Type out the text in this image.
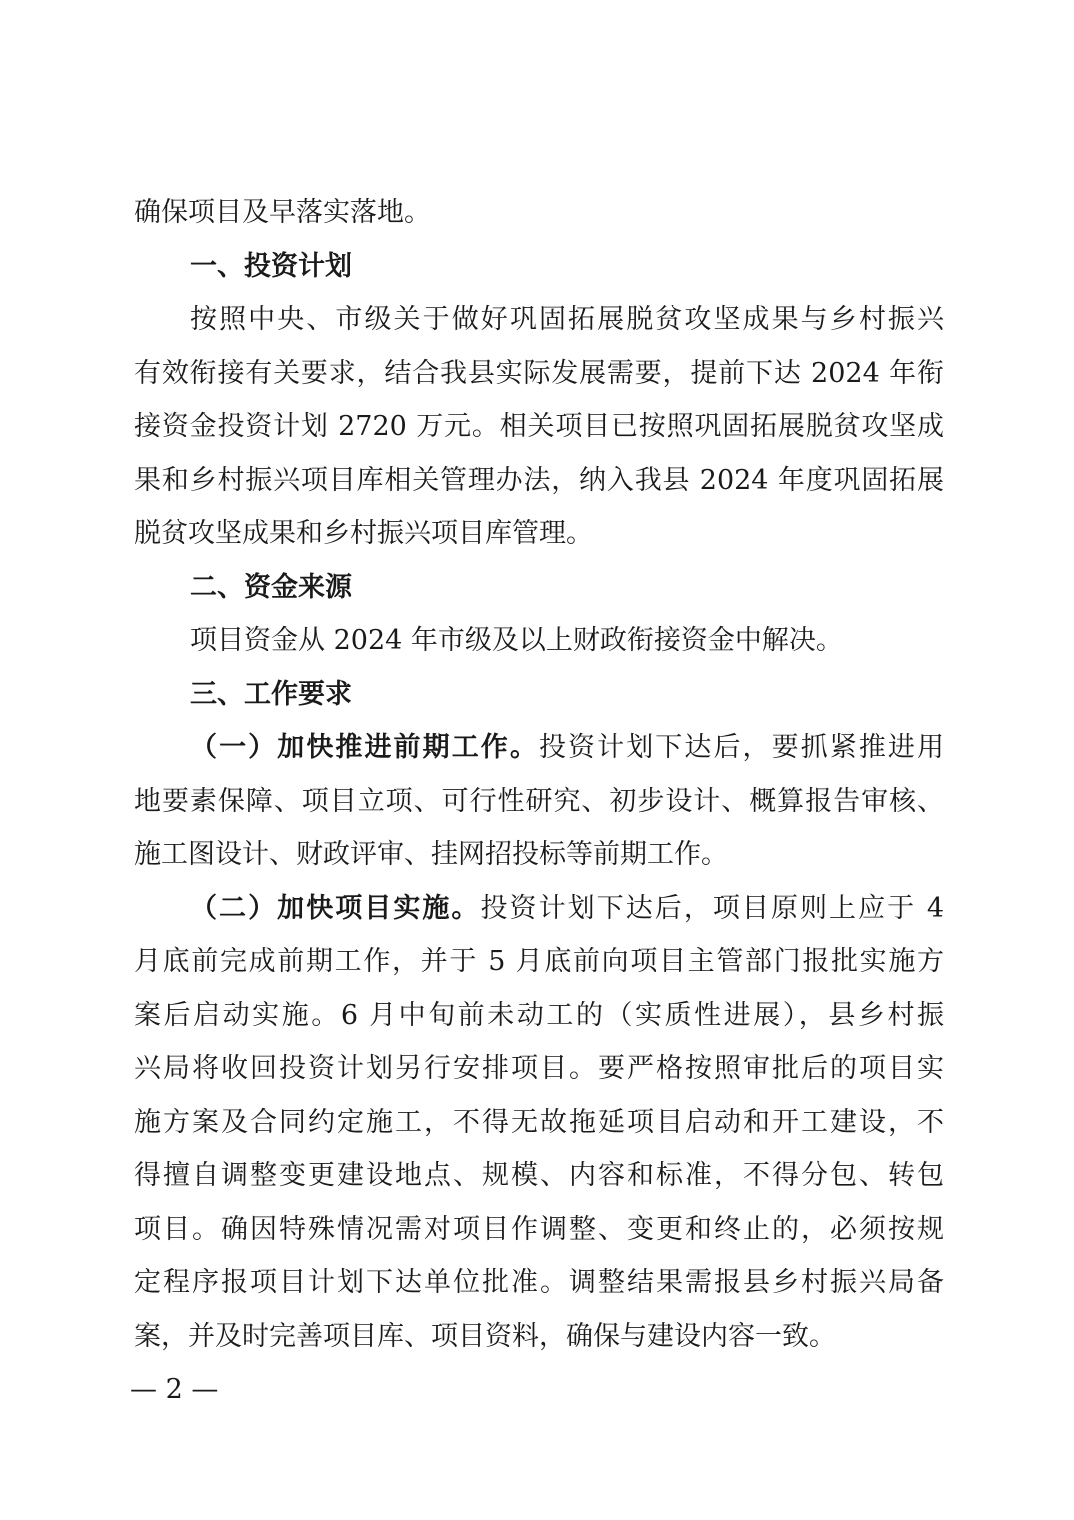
确保项目及早落实落地。
一、投资计划
按照中央、市级关于做好巩固拓展脱贫攻坚成果与乡村振兴
有效衔接有关要求，结合我县实际发展需要，提前下达 2024 年衔
接资金投资计划 2720 万元。相关项目已按照巩固拓展脱贫攻坚成
果和乡村振兴项目库相关管理办法，纳入我县 2024 年度巩固拓展
脱贫攻坚成果和乡村振兴项目库管理。
二、资金来源
项目资金从 2024 年市级及以上财政衔接资金中解决。
三、工作要求
（一）加快推进前期工作。投资计划下达后，要抓紧推进用
地要素保障、项目立项、可行性研究、初步设计、概算报告审核、
施工图设计、财政评审、挂网招投标等前期工作。
（二）加快项目实施。投资计划下达后，项目原则上应于 4
月底前完成前期工作，并于 5 月底前向项目主管部门报批实施方
案后启动实施。6 月中旬前未动工的（实质性进展），县乡村振
兴局将收回投资计划另行安排项目。要严格按照审批后的项目实
施方案及合同约定施工，不得无故拖延项目启动和开工建设，不
得擅自调整变更建设地点、规模、内容和标准，不得分包、转包
项目。确因特殊情况需对项目作调整、变更和终止的，必须按规
定程序报项目计划下达单位批准。调整结果需报县乡村振兴局备
案，并及时完善项目库、项目资料，确保与建设内容一致。
— 2 —
